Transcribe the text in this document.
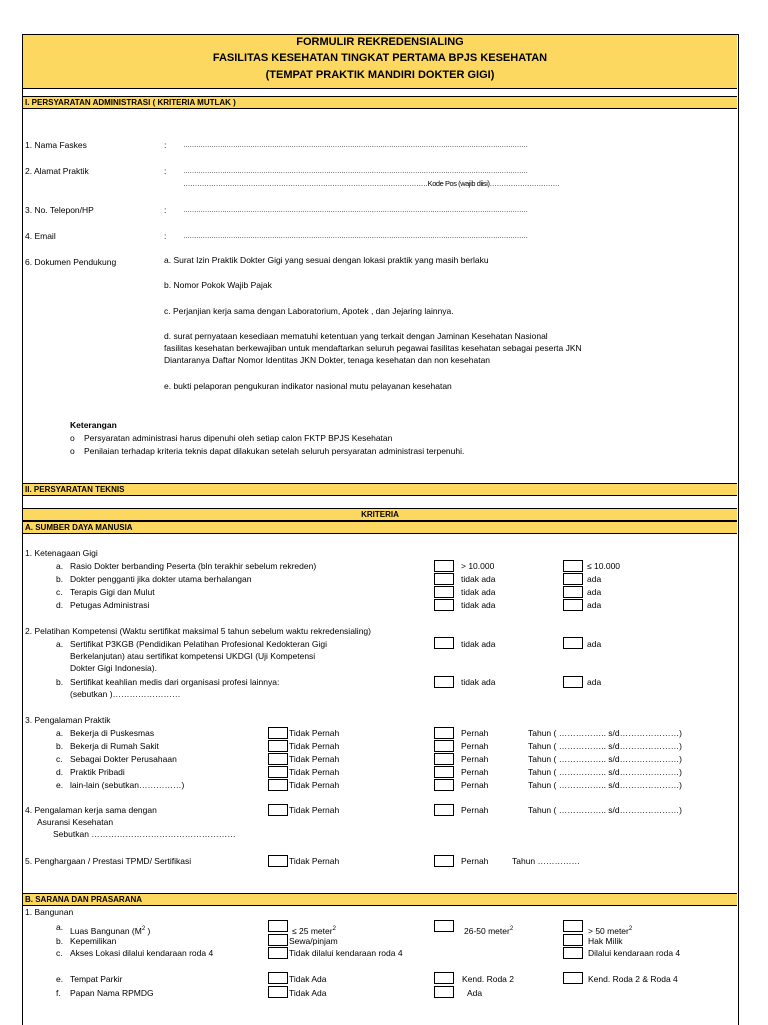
FORMULIR REKREDENSIALING
FASILITAS KESEHATAN TINGKAT PERTAMA BPJS KESEHATAN
(TEMPAT PRAKTIK MANDIRI DOKTER GIGI)
I. PERSYARATAN ADMINISTRASI ( KRITERIA MUTLAK )
1. Nama Faskes	: ……………………………………………………………………………………………………………………………………………
2. Alamat Praktik	: ……………………………………………………………………………………………………………………………………………
……………………………………………………………………………………………Kode Pos (wajib diisi)…………………………
3. No. Telepon/HP	: ……………………………………………………………………………………………………………………………………………
4. Email	: ……………………………………………………………………………………………………………………………………………
6. Dokumen Pendukung	a. Surat Izin Praktik Dokter Gigi yang sesuai dengan lokasi praktik yang masih berlaku
b. Nomor Pokok Wajib Pajak
c. Perjanjian kerja sama dengan Laboratorium, Apotek , dan Jejaring lainnya.
d. surat pernyataan kesediaan mematuhi ketentuan yang terkait dengan Jaminan Kesehatan Nasional
fasilitas kesehatan berkewajiban untuk mendaftarkan seluruh pegawai fasilitas kesehatan sebagai peserta JKN
Diantaranya Daftar Nomor Identitas JKN Dokter, tenaga kesehatan dan non kesehatan
e. bukti pelaporan pengukuran indikator nasional mutu pelayanan kesehatan
Keterangan
o Persyaratan administrasi harus dipenuhi oleh setiap calon FKTP BPJS Kesehatan
o Penilaian terhadap kriteria teknis dapat dilakukan setelah seluruh persyaratan administrasi terpenuhi.
II. PERSYARATAN TEKNIS
KRITERIA
A. SUMBER DAYA MANUSIA
1. Ketenagaan Gigi
a. Rasio Dokter berbanding Peserta (bln terakhir sebelum rekreden)	> 10.000	≤ 10.000
b. Dokter pengganti jika dokter utama berhalangan	tidak ada	ada
c. Terapis Gigi dan Mulut	tidak ada	ada
d. Petugas Administrasi	tidak ada	ada
2. Pelatihan Kompetensi (Waktu sertifikat maksimal 5 tahun sebelum waktu rekredensialing)
a. Sertifikat P3KGB (Pendidikan Pelatihan Profesional Kedokteran Gigi
Berkelanjutan) atau sertifikat kompetensi UKDGI (Uji Kompetensi
Dokter Gigi Indonesia).
tidak ada	ada
b. Sertifikat keahlian medis dari organisasi profesi lainnya:
(sebutkan )……………………
tidak ada	ada
3. Pengalaman Praktik
a. Bekerja di Puskesmas	Tidak Pernah	Pernah	Tahun ( …………….. s/d…………………)
b. Bekerja di Rumah Sakit	Tidak Pernah	Pernah	Tahun ( …………….. s/d…………………)
c. Sebagai Dokter Perusahaan	Tidak Pernah	Pernah	Tahun ( …………….. s/d…………………)
d. Praktik Pribadi	Tidak Pernah	Pernah	Tahun ( …………….. s/d…………………)
e. lain-lain (sebutkan……………)	Tidak Pernah	Pernah	Tahun ( …………….. s/d…………………)
4. Pengalaman kerja sama dengan
Asuransi Kesehatan
Sebutkan ……………………………………………
Tidak Pernah	Pernah	Tahun ( …………….. s/d…………………)
5. Penghargaan / Prestasi TPMD/ Sertifikasi	Tidak Pernah	Pernah	Tahun ……………
B. SARANA DAN PRASARANA
1. Bangunan
a. Luas Bangunan ($M^2$ )	≤ 25 meter$^2$	26-50 meter$^2$	> 50 meter$^2$
b. Kepemilikan	Sewa/pinjam	Hak Milik
c. Akses Lokasi dilalui kendaraan roda 4	Tidak dilalui kendaraan roda 4	Dilalui kendaraan roda 4
e. Tempat Parkir	Tidak Ada	Kend. Roda 2	Kend. Roda 2 & Roda 4
f. Papan Nama RPMDG	Tidak Ada	Ada
